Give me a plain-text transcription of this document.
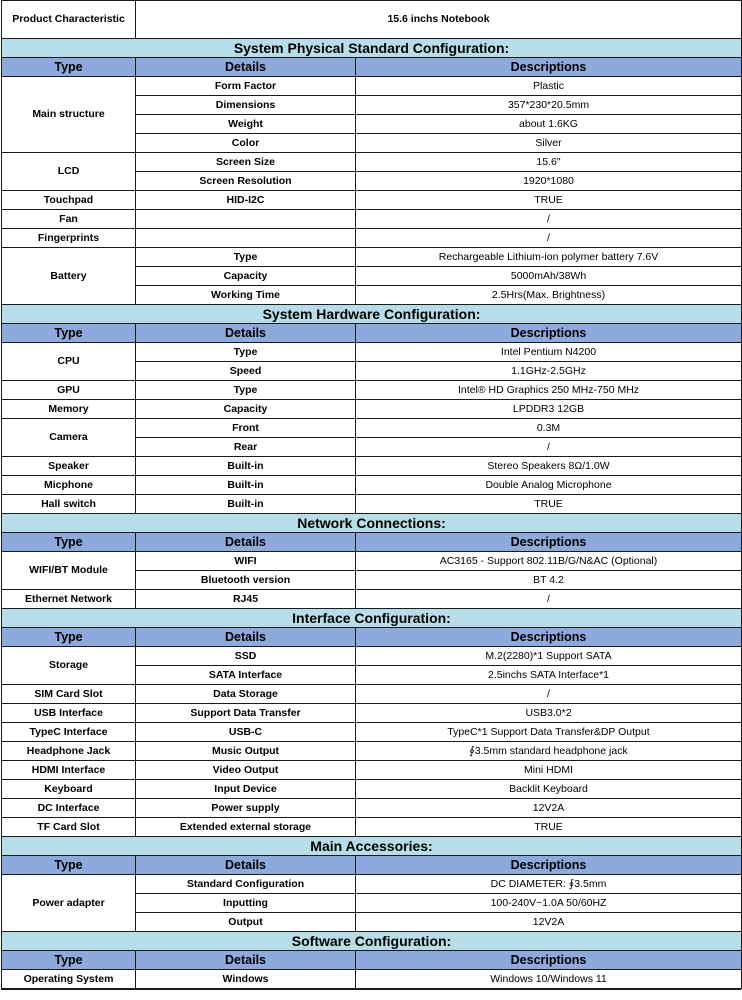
Product Characteristic	15.6 inchs Notebook	
System Physical Standard Configuration:		
Type	Details	Descriptions
Main structure	Form Factor	Plastic
	Dimensions	357*230*20.5mm
	Weight	about 1.6KG
	Color	Silver
LCD	Screen Size	15.6"
	Screen Resolution	1920*1080
Touchpad	HID-I2C	TRUE
Fan		/
Fingerprints		/
Battery	Type	Rechargeable Lithium-ion polymer battery 7.6V
	Capacity	5000mAh/38Wh
	Working Time	2.5Hrs(Max. Brightness)
System Hardware Configuration:		
Type	Details	Descriptions
CPU	Type	Intel Pentium N4200
	Speed	1.1GHz-2.5GHz
GPU	Type	Intel® HD Graphics 250 MHz-750 MHz
Memory	Capacity	LPDDR3 12GB
Camera	Front	0.3M
	Rear	/
Speaker	Built-in	Stereo Speakers 8Ω/1.0W
Micphone	Built-in	Double Analog Microphone
Hall switch	Built-in	TRUE
Network Connections:		
Type	Details	Descriptions
WIFI/BT Module	WIFI	AC3165 - Support 802.11B/G/N&AC (Optional)
	Bluetooth version	BT 4.2
Ethernet Network	RJ45	/
Interface Configuration:		
Type	Details	Descriptions
Storage	SSD	M.2(2280)*1 Support SATA
	SATA Interface	2.5inchs SATA Interface*1
SIM Card Slot	Data Storage	/
USB Interface	Support Data Transfer	USB3.0*2
TypeC Interface	USB-C	TypeC*1 Support Data Transfer&DP Output
Headphone Jack	Music Output	∮3.5mm standard headphone jack
HDMI Interface	Video Output	Mini HDMI
Keyboard	Input Device	Backlit Keyboard
DC Interface	Power supply	12V2A
TF Card Slot	Extended external storage	TRUE
Main Accessories:		
Type	Details	Descriptions
Power adapter	Standard Configuration	DC DIAMETER: ∮3.5mm
	Inputting	100-240V~1.0A 50/60HZ
	Output	12V2A
Software Configuration:		
Type	Details	Descriptions
Operating System	Windows	Windows 10/Windows 11
